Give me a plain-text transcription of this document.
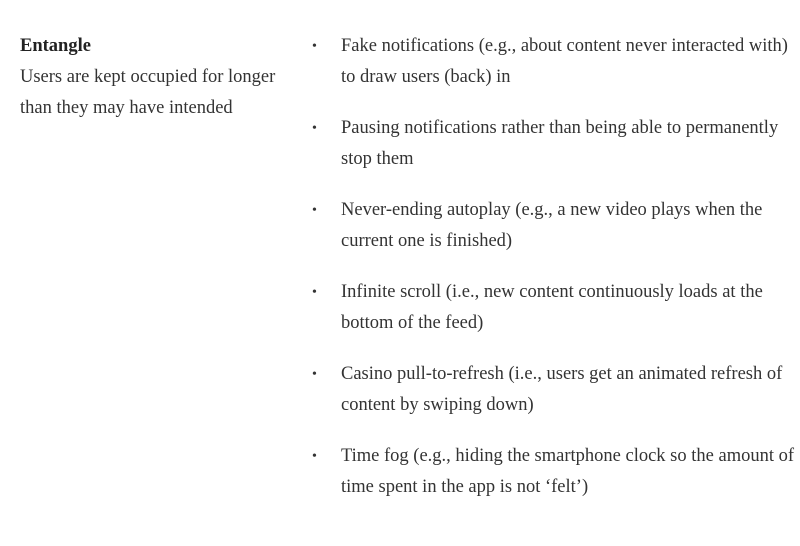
Entangle

Users are kept occupied for longer than they may have intended

• Fake notifications (e.g., about content never interacted with) to draw users (back) in
• Pausing notifications rather than being able to permanently stop them
• Never-ending autoplay (e.g., a new video plays when the current one is finished)
• Infinite scroll (i.e., new content continuously loads at the bottom of the feed)
• Casino pull-to-refresh (i.e., users get an animated refresh of content by swiping down)
• Time fog (e.g., hiding the smartphone clock so the amount of time spent in the app is not ‘felt’)
